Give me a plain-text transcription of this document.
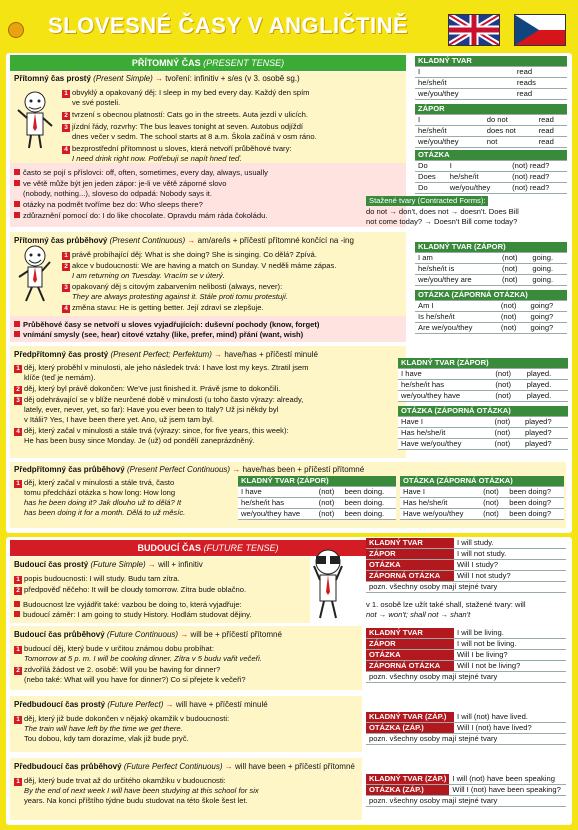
SLOVESNÉ ČASY V ANGLIČTINĚ
PŘÍTOMNÝ ČAS (PRESENT TENSE)
Přítomný čas prostý (Present Simple) → tvoření: infinitiv + s/es (v 3. osobě sg.)
1 obvyklý a opakovaný děj: I sleep in my bed every day. Každý den spím
ve své posteli.
2 tvrzení s obecnou platností: Cats go in the streets. Auta jezdí v ulicích.
3 jízdní řády, rozvrhy: The bus leaves tonight at seven. Autobus odjíždí
dnes večer v sedm. The school starts at 8 a.m. Škola začíná v osm ráno.
4 bezprostřední přítomnost u sloves, která netvoří průběhové tvary:
I need drink right now. Potřebuji se napít hned teď.
často se pojí s příslovci: off, often, sometimes, every day, always, usually
ve větě může být jen jeden zápor: je-li ve větě záporné slovo
(nobody, nothing...), sloveso do odpadá: Nobody says it.
otázky na podmět tvoříme bez do: Who sleeps there?
zdůraznění pomocí do: I do like chocolate. Opravdu mám ráda čokoládu.
KLADNÝ TVAR	
I	read
he/she/it	reads
we/you/they	read
ZÁPOR		
I	do not	read
he/she/it	does not	read
we/you/they	not	read
OTÁZKA		
Do	I	(not) read?
Does	he/she/it	(not) read?
Do	we/you/they	(not) read?
Stažené tvary (Contracted Forms):
do not → don't, does not → doesn't. Does Bill
not come today? → Doesn't Bill come today?
Přítomný čas průběhový (Present Continuous) → am/are/is + příčestí přítomné končící na -ing
1 právě probíhající děj: What is she doing? She is singing. Co dělá? Zpívá.
2 akce v budoucnosti: We are having a match on Sunday. V neděli máme zápas.
I am returning on Tuesday. Vracím se v úterý.
3 opakovaný děj s citovým zabarvením nelibosti (always, never):
They are always protesting against it. Stále proti tomu protestují.
4 změna stavu: He is getting better. Její zdraví se zlepšuje.
Průběhové časy se netvoří u sloves vyjadřujících: duševní pochody (know, forget)
vnímání smysly (see, hear) citové vztahy (like, prefer, mind) přání (want, wish)
KLADNÝ TVAR (ZÁPOR)		
I am	(not)	going.
he/she/it is	(not)	going.
we/you/they are	(not)	going.
OTÁZKA (ZÁPORNÁ OTÁZKA)		
Am I	(not)	going?
Is he/she/it	(not)	going?
Are we/you/they	(not)	going?
Předpřítomný čas prostý (Present Perfect; Perfektum) → have/has + příčestí minulé
1 děj, který proběhl v minulosti, ale jeho následek trvá: I have lost my keys. Ztratil jsem
klíče (teď je nemám).
2 děj, který byl právě dokončen: We've just finished it. Právě jsme to dokončili.
3 děj odehrávající se v blíže neurčené době v minulosti (u toho často výrazy: already,
lately, ever, never, yet, so far): Have you ever been to Italy? Už jsi někdy byl
v Itálii? Yes, I have been there yet. Ano, už jsem tam byl.
4 děj, který začal v minulosti a stále trvá (výrazy: since, for five years, this week):
He has been busy since Monday. Je (už) od pondělí zaneprázdněný.
KLADNÝ TVAR (ZÁPOR)		
I have	(not)	played.
he/she/it has	(not)	played.
we/you/they have	(not)	played.
OTÁZKA (ZÁPORNÁ OTÁZKA)		
Have I	(not)	played?
Has he/she/it	(not)	played?
Have we/you/they	(not)	played?
Předpřítomný čas průběhový (Present Perfect Continuous) → have/has been + příčestí přítomné
1 děj, který začal v minulosti a stále trvá, často
tomu předchází otázka s how long: How long
has he been doing it? Jak dlouho už to dělá? It
has been doing it for a month. Dělá to už měsíc.
KLADNÝ TVAR (ZÁPOR)		
I have	(not)	been doing.
he/she/it has	(not)	been doing.
we/you/they have	(not)	been doing.
OTÁZKA (ZÁPORNÁ OTÁZKA)		
Have I	(not)	been doing?
Has he/she/it	(not)	been doing?
Have we/you/they	(not)	been doing?
BUDOUCÍ ČAS (FUTURE TENSE)
Budoucí čas prostý (Future Simple) → will + infinitiv
1 popis budoucnosti: I will study. Budu tam zítra.
2 předpověď něčeho: It will be cloudy tomorrow. Zítra bude oblačno.
Budoucnost lze vyjádřit také: vazbou be doing to, která vyjadřuje:
budoucí záměr: I am going to study History. Hodlám studovat dějiny.
KLADNÝ TVAR	I will study.
ZÁPOR	I will not study.
OTÁZKA	Will I study?
ZÁPORNÁ OTÁZKA	Will I not study?
pozn. všechny osoby mají stejné tvary	
v 1. osobě lze užít také shall, stažené tvary: will
not → won't; shall not → shan't
Budoucí čas průběhový (Future Continuous) → will be + příčestí přítomné
1 budoucí děj, který bude v určitou známou dobu probíhat:
Tomorrow at 5 p. m. I will be cooking dinner. Zítra v 5 budu vařit večeři.
2 zdvořilá žádost ve 2. osobě: Will you be having for dinner?
(nebo také: What will you have for dinner?) Co si přejete k večeři?
KLADNÝ TVAR	I will be living.
ZÁPOR	I will not be living.
OTÁZKA	Will I be living?
ZÁPORNÁ OTÁZKA	Will I not be living?
pozn. všechny osoby mají stejné tvary	
Předbudoucí čas prostý (Future Perfect) → will have + příčestí minulé
1 děj, který již bude dokončen v nějaký okamžik v budoucnosti:
The train will have left by the time we get there.
Tou dobou, kdy tam dorazíme, vlak již bude pryč.
KLADNÝ TVAR (ZÁP.)	I will (not) have lived.
OTÁZKA (ZÁP.)	Will I (not) have lived?
pozn. všechny osoby mají stejné tvary	
Předbudoucí čas průběhový (Future Perfect Continuous) → will have been + příčestí přítomné
1 děj, který bude trvat až do určitého okamžiku v budoucnosti:
By the end of next week I will have been studying at this school for six
years. Na konci příštího týdne budu studovat na této škole šest let.
KLADNÝ TVAR (ZÁP.)	I will (not) have been speaking
OTÁZKA (ZÁP.)	Will I (not) have been speaking?
pozn. všechny osoby mají stejné tvary	
